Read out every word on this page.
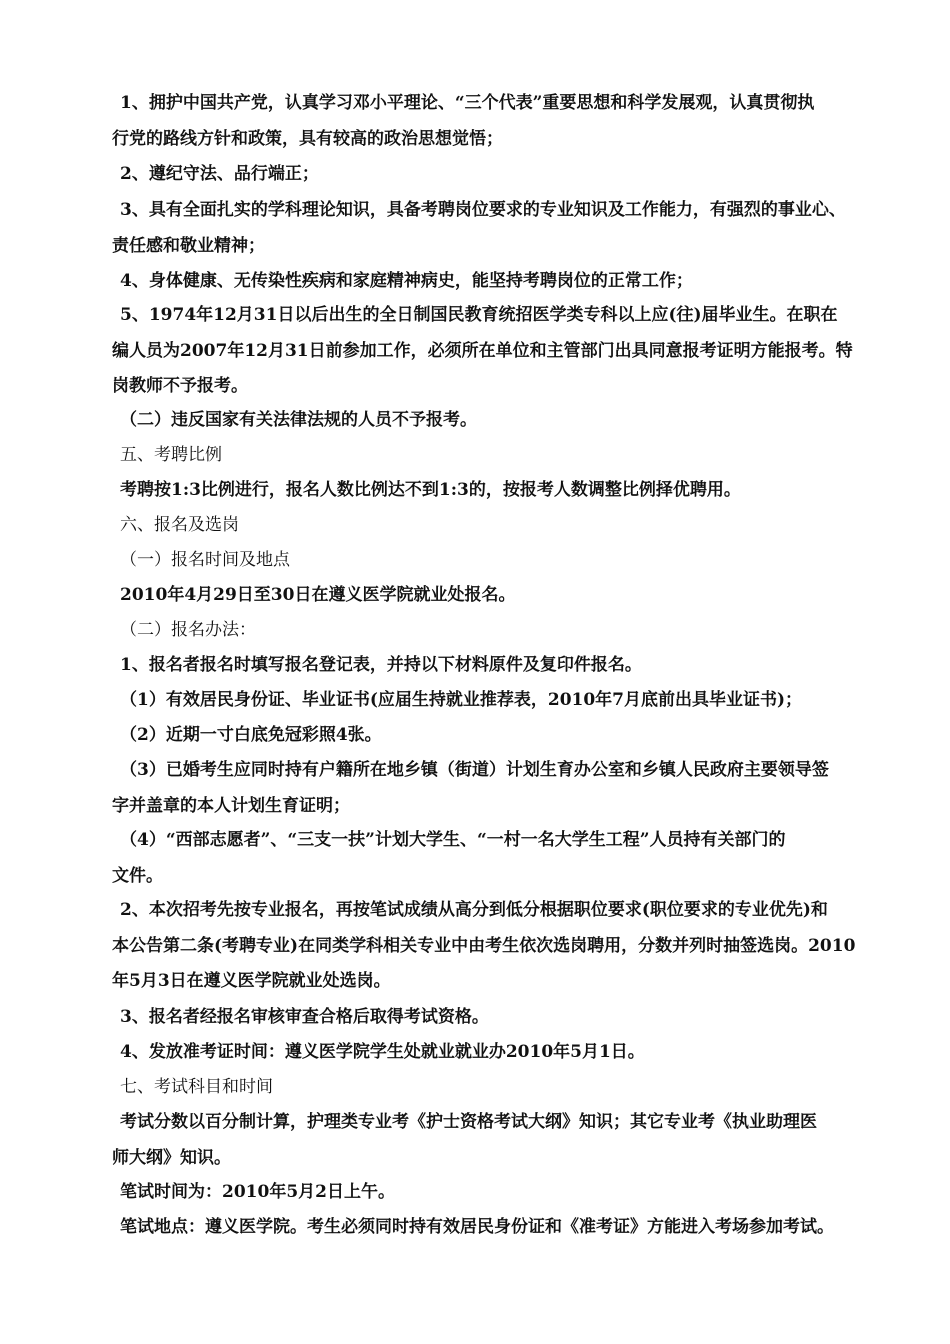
1、拥护中国共产党，认真学习邓小平理论、“三个代表”重要思想和科学发展观，认真贯彻执
行党的路线方针和政策，具有较高的政治思想觉悟；

2、遵纪守法、品行端正；

3、具有全面扎实的学科理论知识，具备考聘岗位要求的专业知识及工作能力，有强烈的事业心、
责任感和敬业精神；

4、身体健康、无传染性疾病和家庭精神病史，能坚持考聘岗位的正常工作；

5、1974年12月31日以后出生的全日制国民教育统招医学类专科以上应(往)届毕业生。在职在
编人员为2007年12月31日前参加工作，必须所在单位和主管部门出具同意报考证明方能报考。特
岗教师不予报考。

（二）违反国家有关法律法规的人员不予报考。

五、考聘比例

考聘按1:3比例进行，报名人数比例达不到1:3的，按报考人数调整比例择优聘用。

六、报名及选岗

（一）报名时间及地点

2010年4月29日至30日在遵义医学院就业处报名。

（二）报名办法：

1、报名者报名时填写报名登记表，并持以下材料原件及复印件报名。

（1）有效居民身份证、毕业证书(应届生持就业推荐表，2010年7月底前出具毕业证书)；

（2）近期一寸白底免冠彩照4张。

（3）已婚考生应同时持有户籍所在地乡镇（街道）计划生育办公室和乡镇人民政府主要领导签
字并盖章的本人计划生育证明；

（4）“西部志愿者”、“三支一扶”计划大学生、“一村一名大学生工程”人员持有关部门的
文件。

2、本次招考先按专业报名，再按笔试成绩从高分到低分根据职位要求(职位要求的专业优先)和
本公告第二条(考聘专业)在同类学科相关专业中由考生依次选岗聘用，分数并列时抽签选岗。2010
年5月3日在遵义医学院就业处选岗。

3、报名者经报名审核审查合格后取得考试资格。

4、发放准考证时间：遵义医学院学生处就业就业办2010年5月1日。

七、考试科目和时间

考试分数以百分制计算，护理类专业考《护士资格考试大纲》知识；其它专业考《执业助理医
师大纲》知识。

笔试时间为：2010年5月2日上午。

笔试地点：遵义医学院。考生必须同时持有效居民身份证和《准考证》方能进入考场参加考试。
